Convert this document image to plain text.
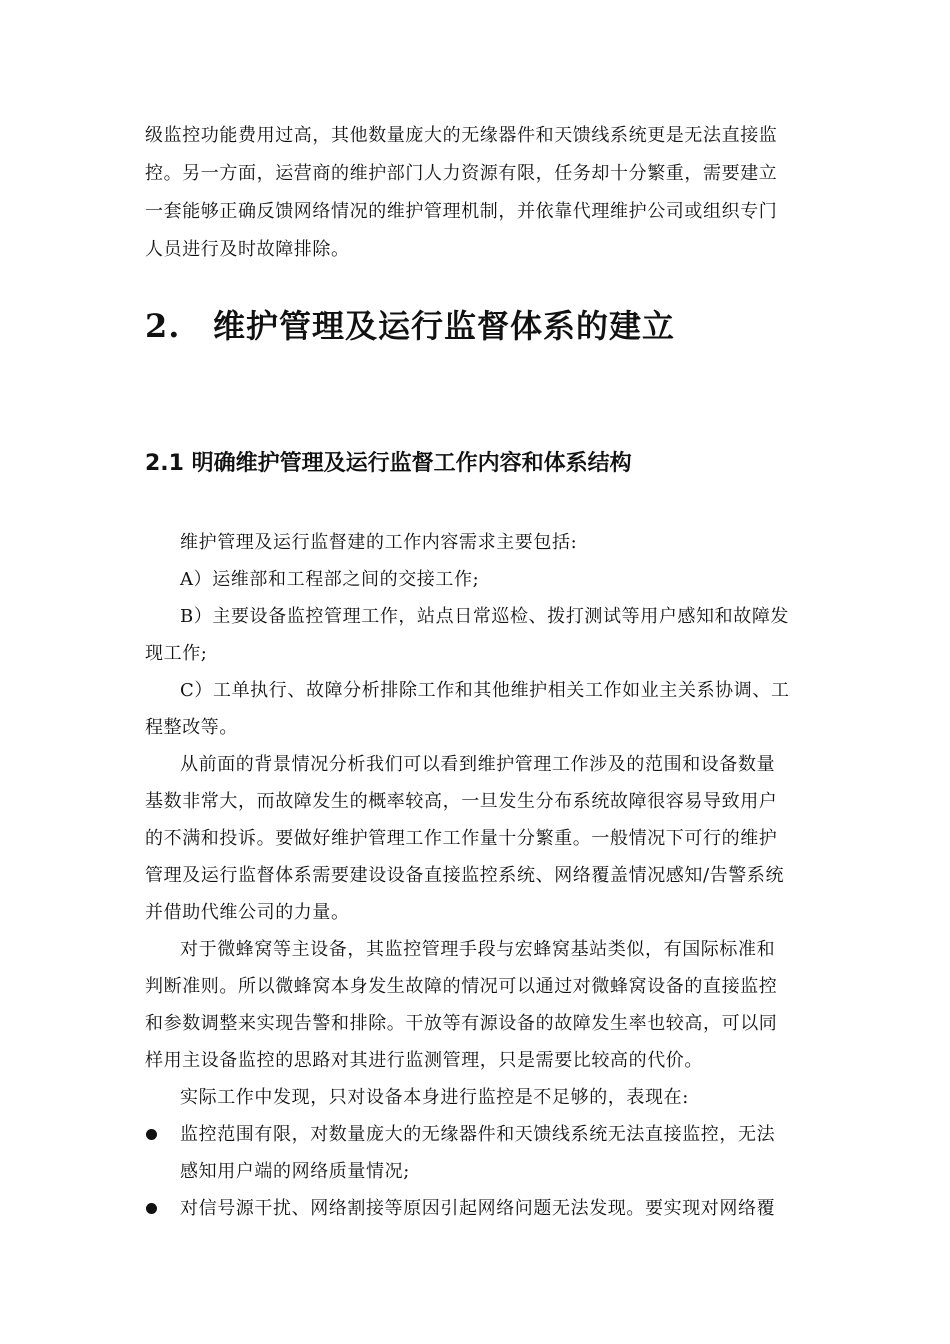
级监控功能费用过高，其他数量庞大的无缘器件和天馈线系统更是无法直接监
控。另一方面，运营商的维护部门人力资源有限，任务却十分繁重，需要建立
一套能够正确反馈网络情况的维护管理机制，并依靠代理维护公司或组织专门
人员进行及时故障排除。
2. 维护管理及运行监督体系的建立
2.1 明确维护管理及运行监督工作内容和体系结构
维护管理及运行监督建的工作内容需求主要包括:
A）运维部和工程部之间的交接工作;
B）主要设备监控管理工作，站点日常巡检、拨打测试等用户感知和故障发
现工作;
C）工单执行、故障分析排除工作和其他维护相关工作如业主关系协调、工
程整改等。
从前面的背景情况分析我们可以看到维护管理工作涉及的范围和设备数量
基数非常大，而故障发生的概率较高，一旦发生分布系统故障很容易导致用户
的不满和投诉。要做好维护管理工作工作量十分繁重。一般情况下可行的维护
管理及运行监督体系需要建设设备直接监控系统、网络覆盖情况感知/告警系统
并借助代维公司的力量。
对于微蜂窝等主设备，其监控管理手段与宏蜂窝基站类似，有国际标准和
判断准则。所以微蜂窝本身发生故障的情况可以通过对微蜂窝设备的直接监控
和参数调整来实现告警和排除。干放等有源设备的故障发生率也较高，可以同
样用主设备监控的思路对其进行监测管理，只是需要比较高的代价。
实际工作中发现，只对设备本身进行监控是不足够的，表现在:
监控范围有限，对数量庞大的无缘器件和天馈线系统无法直接监控，无法
感知用户端的网络质量情况;
对信号源干扰、网络割接等原因引起网络问题无法发现。要实现对网络覆
